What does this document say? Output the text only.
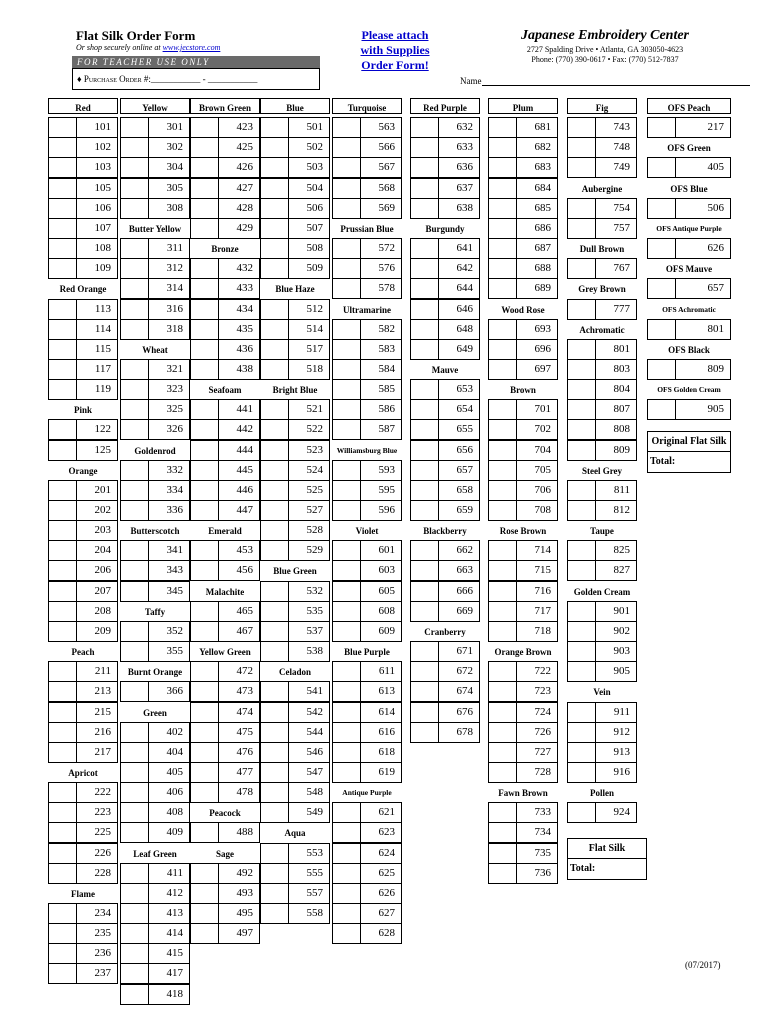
Flat Silk Order Form
Or shop securely online at www.jecstore.com
FOR TEACHER USE ONLY
♦ Purchase Order #:___________ - ___________
Please attach
with Supplies
Order Form!
Japanese Embroidery Center
2727 Spalding Drive • Atlanta, GA 303050-4623
Phone: (770) 390-0617 • Fax: (770) 512-7837
Name
Red
101
102
103
105
106
107
108
109
Red Orange
113
114
115
117
119
Pink
122
125
Orange
201
202
203
204
206
207
208
209
Peach
211
213
215
216
217
Apricot
222
223
225
226
228
Flame
234
235
236
237
Yellow
301
302
304
305
308
Butter Yellow
311
312
314
316
318
Wheat
321
323
325
326
Goldenrod
332
334
336
Butterscotch
341
343
345
Taffy
352
355
Burnt Orange
366
Green
402
404
405
406
408
409
Leaf Green
411
412
413
414
415
417
418
Brown Green
423
425
426
427
428
429
Bronze
432
433
434
435
436
438
Seafoam
441
442
444
445
446
447
Emerald
453
456
Malachite
465
467
Yellow Green
472
473
474
475
476
477
478
Peacock
488
Sage
492
493
495
497
Blue
501
502
503
504
506
507
508
509
Blue Haze
512
514
517
518
Bright Blue
521
522
523
524
525
527
528
529
Blue Green
532
535
537
538
Celadon
541
542
544
546
547
548
549
Aqua
553
555
557
558
Turquoise
563
566
567
568
569
Prussian Blue
572
576
578
Ultramarine
582
583
584
585
586
587
Williamsburg Blue
593
595
596
Violet
601
603
605
608
609
Blue Purple
611
613
614
616
618
619
Antique Purple
621
623
624
625
626
627
628
Red Purple
632
633
636
637
638
Burgundy
641
642
644
646
648
649
Mauve
653
654
655
656
657
658
659
Blackberry
662
663
666
669
Cranberry
671
672
674
676
678
Plum
681
682
683
684
685
686
687
688
689
Wood Rose
693
696
697
Brown
701
702
704
705
706
708
Rose Brown
714
715
716
717
718
Orange Brown
722
723
724
726
727
728
Fawn Brown
733
734
735
736
Fig
743
748
749
Aubergine
754
757
Dull Brown
767
Grey Brown
777
Achromatic
801
803
804
807
808
809
Steel Grey
811
812
Taupe
825
827
Golden Cream
901
902
903
905
Vein
911
912
913
916
Pollen
924
OFS Peach
217
OFS Green
405
OFS Blue
506
OFS Antique Purple
626
OFS Mauve
657
OFS Achromatic
801
OFS Black
809
OFS Golden Cream
905
Original Flat Silk
Total:
Flat Silk
Total:
(07/2017)
